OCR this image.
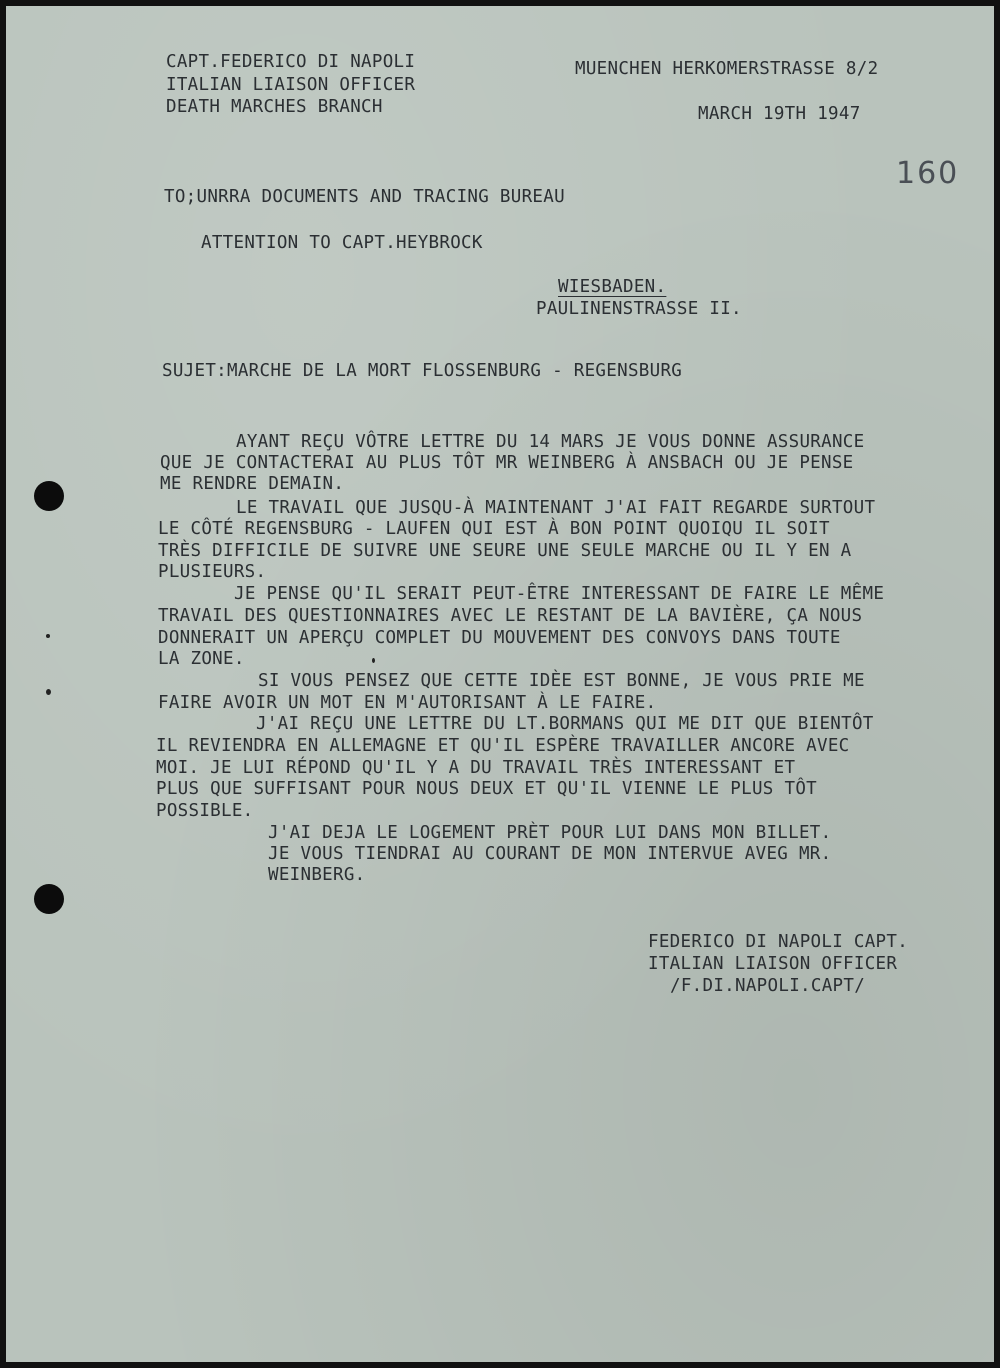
CAPT.FEDERICO DI NAPOLI

ITALIAN LIAISON OFFICER

DEATH MARCHES BRANCH

MUENCHEN HERKOMERSTRASSE 8/2

MARCH 19TH 1947

160

TO;UNRRA DOCUMENTS AND TRACING BUREAU

ATTENTION TO CAPT.HEYBROCK

WIESBADEN.

PAULINENSTRASSE II.

SUJET:MARCHE DE LA MORT FLOSSENBURG - REGENSBURG

AYANT REÇU VÔTRE LETTRE DU 14 MARS JE VOUS DONNE ASSURANCE

QUE JE CONTACTERAI AU PLUS TÔT MR WEINBERG À ANSBACH OU JE PENSE

ME RENDRE DEMAIN.

LE TRAVAIL QUE JUSQU-À MAINTENANT J'AI FAIT REGARDE SURTOUT

LE CÔTÉ REGENSBURG - LAUFEN QUI EST À BON POINT QUOIQU IL SOIT

TRÈS DIFFICILE DE SUIVRE UNE SEURE UNE SEULE MARCHE OU IL Y EN A

PLUSIEURS.

JE PENSE QU'IL SERAIT PEUT-ÊTRE INTERESSANT DE FAIRE LE MÊME

TRAVAIL DES QUESTIONNAIRES AVEC LE RESTANT DE LA BAVIÈRE, ÇA NOUS

DONNERAIT UN APERÇU COMPLET DU MOUVEMENT DES CONVOYS DANS TOUTE

LA ZONE.

SI VOUS PENSEZ QUE CETTE IDÈE EST BONNE, JE VOUS PRIE ME

FAIRE AVOIR UN MOT EN M'AUTORISANT À LE FAIRE.

J'AI REÇU UNE LETTRE DU LT.BORMANS QUI ME DIT QUE BIENTÔT

IL REVIENDRA EN ALLEMAGNE ET QU'IL ESPÈRE TRAVAILLER ANCORE AVEC

MOI. JE LUI RÉPOND QU'IL Y A DU TRAVAIL TRÈS INTERESSANT ET

PLUS QUE SUFFISANT POUR NOUS DEUX ET QU'IL VIENNE LE PLUS TÔT

POSSIBLE.

J'AI DEJA LE LOGEMENT PRÈT POUR LUI DANS MON BILLET.

JE VOUS TIENDRAI AU COURANT DE MON INTERVUE AVEG MR.

WEINBERG.

FEDERICO DI NAPOLI CAPT.

ITALIAN LIAISON OFFICER

/F.DI.NAPOLI.CAPT/
